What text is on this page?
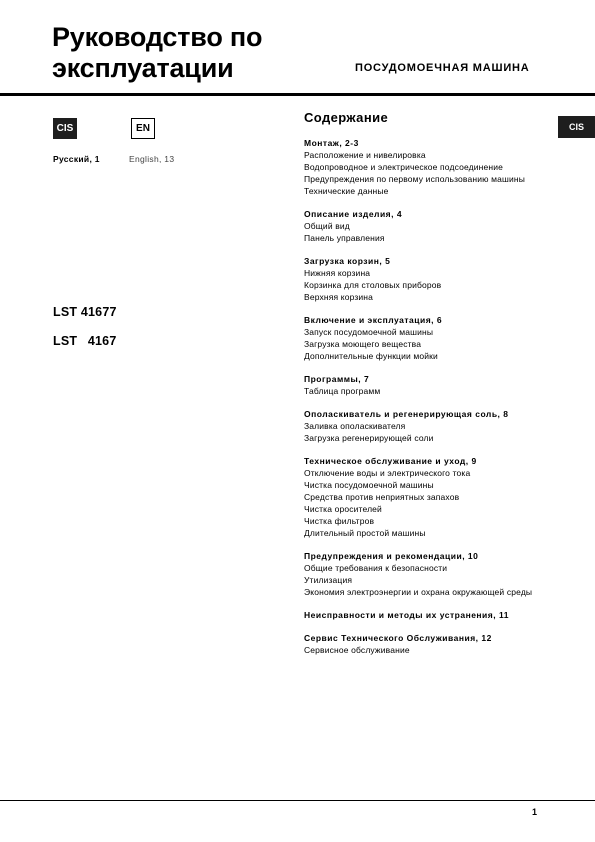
Руководство по
эксплуатации	ПОСУДОМОЕЧНАЯ МАШИНА
CIS
Русский, 1
EN
English, 13
LST 41677
LST 4167
Содержание
Монтаж, 2-3
Расположение и нивелировка
Водопроводное и электрическое подсоединение
Предупреждения по первому использованию машины
Технические данные
Описание изделия, 4
Общий вид
Панель управления
Загрузка корзин, 5
Нижняя корзина
Корзинка для столовых приборов
Верхняя корзина
Включение и эксплуатация, 6
Запуск посудомоечной машины
Загрузка моющего вещества
Дополнительные функции мойки
Программы, 7
Таблица программ
Ополаскиватель и регенерирующая соль, 8
Заливка ополаскивателя
Загрузка регенерирующей соли
Техническое обслуживание и уход, 9
Отключение воды и электрического тока
Чистка посудомоечной машины
Средства против неприятных запахов
Чистка оросителей
Чистка фильтров
Длительный простой машины
Предупреждения и рекомендации, 10
Общие требования к безопасности
Утилизация
Экономия электроэнергии и охрана окружающей среды
Неисправности и методы их устранения, 11
Сервис Технического Обслуживания, 12
Сервисное обслуживание
CIS
1
